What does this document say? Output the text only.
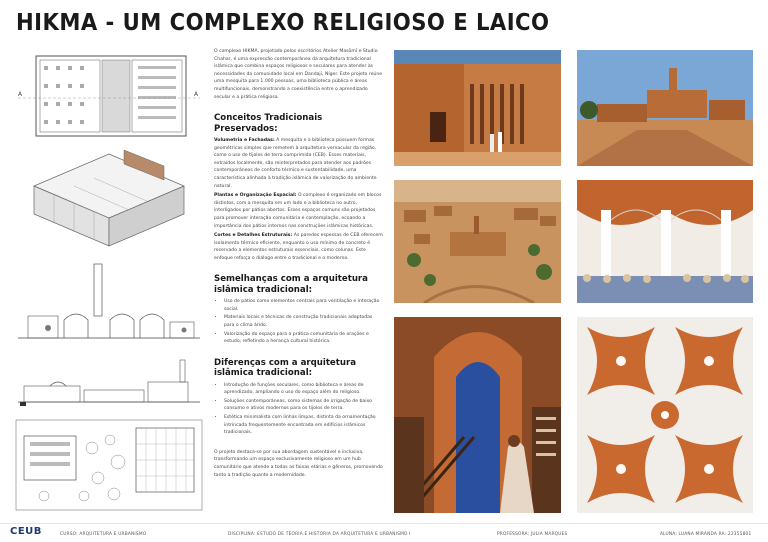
HIKMA - UM COMPLEXO RELIGIOSO E LAICO
A	A
O complexo HIKMA, projetado pelos escritórios Atelier Masōmī e Studio Chahar, é uma expressão contemporânea da arquitetura tradicional islâmica que combina espaços religiosos e seculares para atender às necessidades da comunidade local em Dandaji, Níger. Este projeto reúne uma mesquita para 1.000 pessoas, uma biblioteca pública e áreas multifuncionais, demonstrando a coexistência entre o aprendizado secular e a prática religiosa.
Conceitos Tradicionais Preservados:
Volumetria e Fachadas: A mesquita e a biblioteca possuem formas geométricas simples que remetem à arquitetura vernacular da região, como o uso de tijolos de terra comprimida (CEB). Esses materiais, extraídos localmente, são reinterpretados para atender aos padrões contemporâneos de conforto térmico e sustentabilidade, uma característica alinhada à tradição islâmica de valorização do ambiente natural.
Plantas e Organização Espacial: O complexo é organizado em blocos distintos, com a mesquita em um lado e a biblioteca no outro, interligados por pátios abertos. Esses espaços comuns são projetados para promover interação comunitária e contemplação, ecoando a importância dos pátios internos nas construções islâmicas históricas.
Cortes e Detalhes Estruturais: As paredes espessas de CEB oferecem isolamento térmico eficiente, enquanto o uso mínimo de concreto é reservado a elementos estruturais essenciais, como colunas. Este enfoque reforça o diálogo entre o tradicional e o moderno.
Semelhanças com a arquitetura islâmica tradicional:
• Uso de pátios como elementos centrais para ventilação e interação social.
• Materiais locais e técnicas de construção tradicionais adaptadas para o clima árido.
• Valorização do espaço para a prática comunitária de orações e estudo, refletindo a herança cultural histórica.
Diferenças com a arquitetura islâmica tradicional:
• Introdução de funções seculares, como biblioteca e áreas de aprendizado, ampliando o uso do espaço além do religioso.
• Soluções contemporâneas, como sistemas de irrigação de baixo consumo e ativos modernos para os tijolos de terra.
• Estética minimalista com linhas limpas, distinta da ornamentação intrincada frequentemente encontrada em edifícios islâmicos tradicionais.
O projeto destaca-se por sua abordagem sustentável e inclusiva, transformando um espaço exclusivamente religioso em um hub comunitário que atende a todas as faixas etárias e gêneros, promovendo tanto a tradição quanto a modernidade.
CEUB	CURSO: ARQUITETURA E URBANISMO	DISCIPLINA: ESTUDO DE TEORIA E HISTÓRIA DA ARQUITETURA E URBANISMO I	PROFESSORA: JULIA MARQUES	ALUNA: LUANA MIRANDA RA: 22355801
